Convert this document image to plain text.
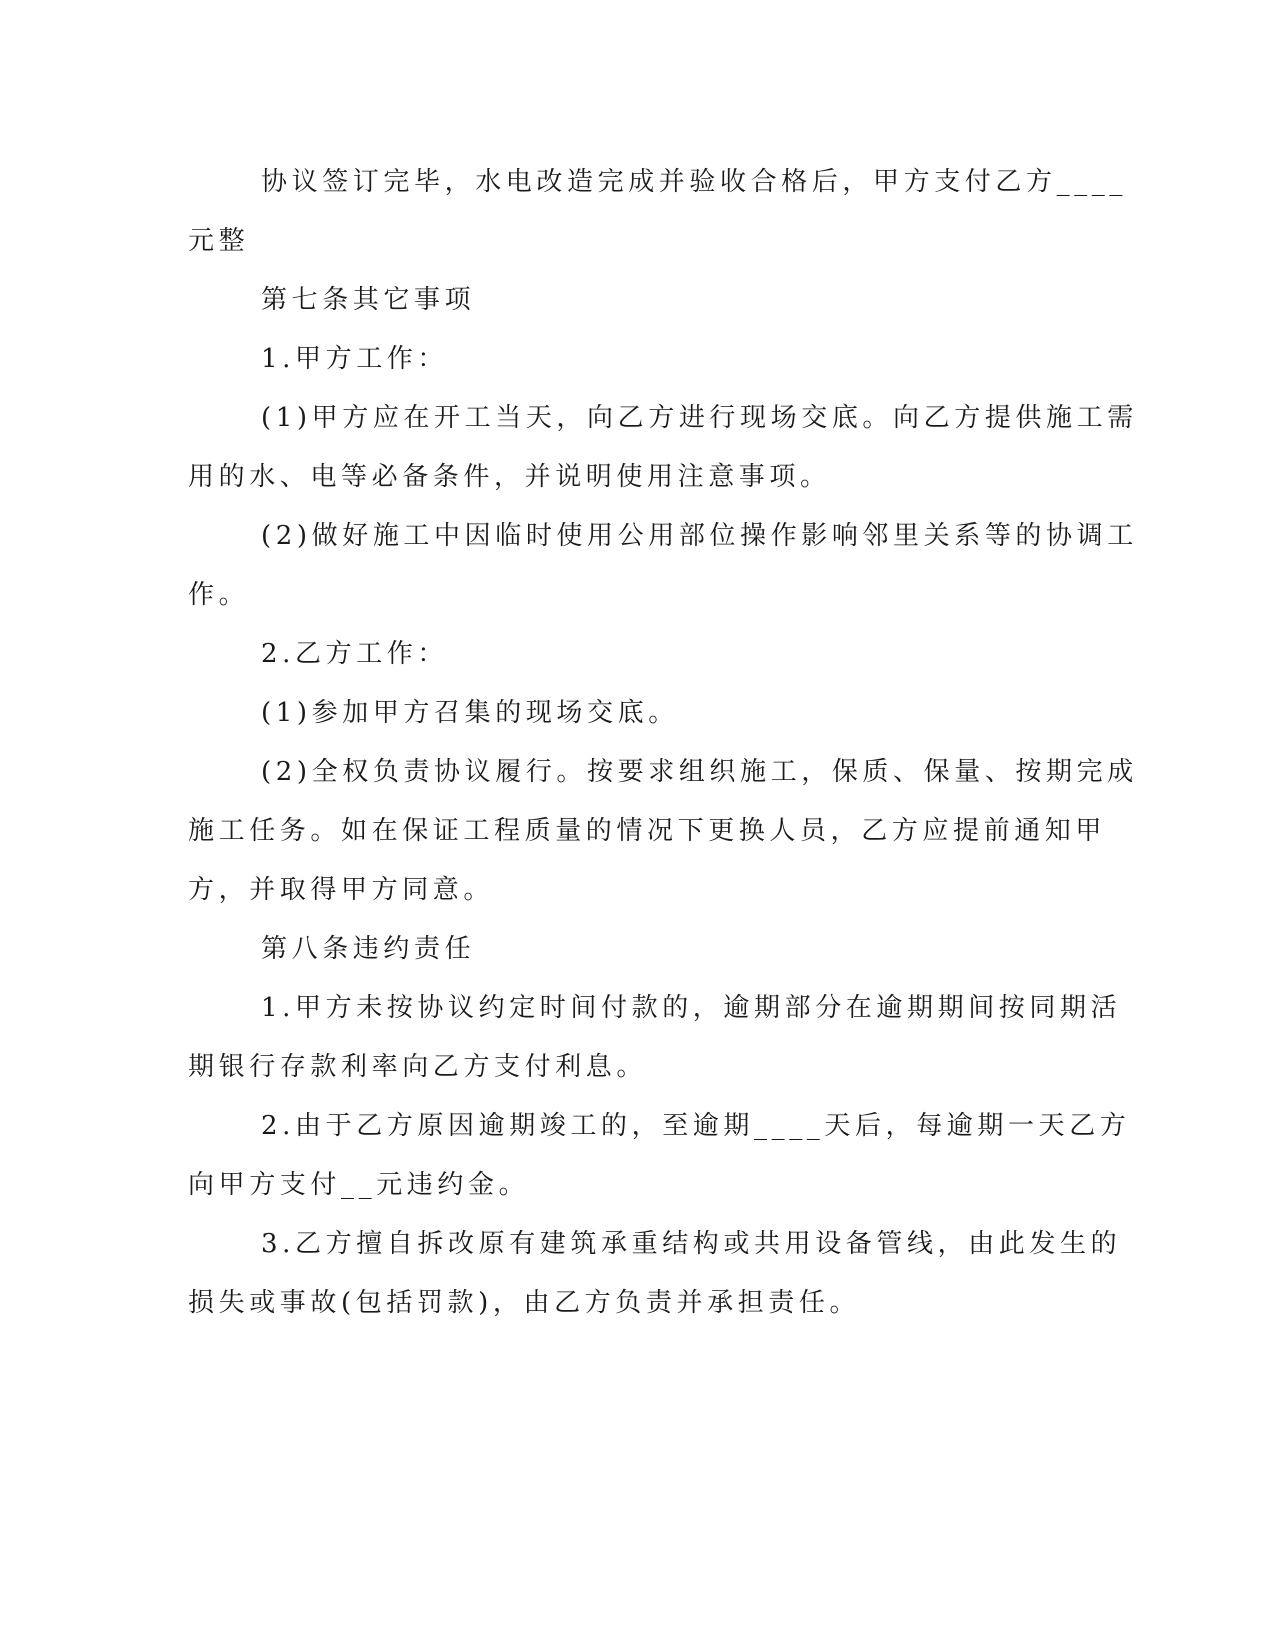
协议签订完毕，水电改造完成并验收合格后，甲方支付乙方____
元整
第七条其它事项
1.甲方工作：
(1)甲方应在开工当天，向乙方进行现场交底。向乙方提供施工需
用的水、电等必备条件，并说明使用注意事项。
(2)做好施工中因临时使用公用部位操作影响邻里关系等的协调工
作。
2.乙方工作：
(1)参加甲方召集的现场交底。
(2)全权负责协议履行。按要求组织施工，保质、保量、按期完成
施工任务。如在保证工程质量的情况下更换人员，乙方应提前通知甲
方，并取得甲方同意。
第八条违约责任
1.甲方未按协议约定时间付款的，逾期部分在逾期期间按同期活
期银行存款利率向乙方支付利息。
2.由于乙方原因逾期竣工的，至逾期____天后，每逾期一天乙方
向甲方支付__元违约金。
3.乙方擅自拆改原有建筑承重结构或共用设备管线，由此发生的
损失或事故(包括罚款)，由乙方负责并承担责任。
